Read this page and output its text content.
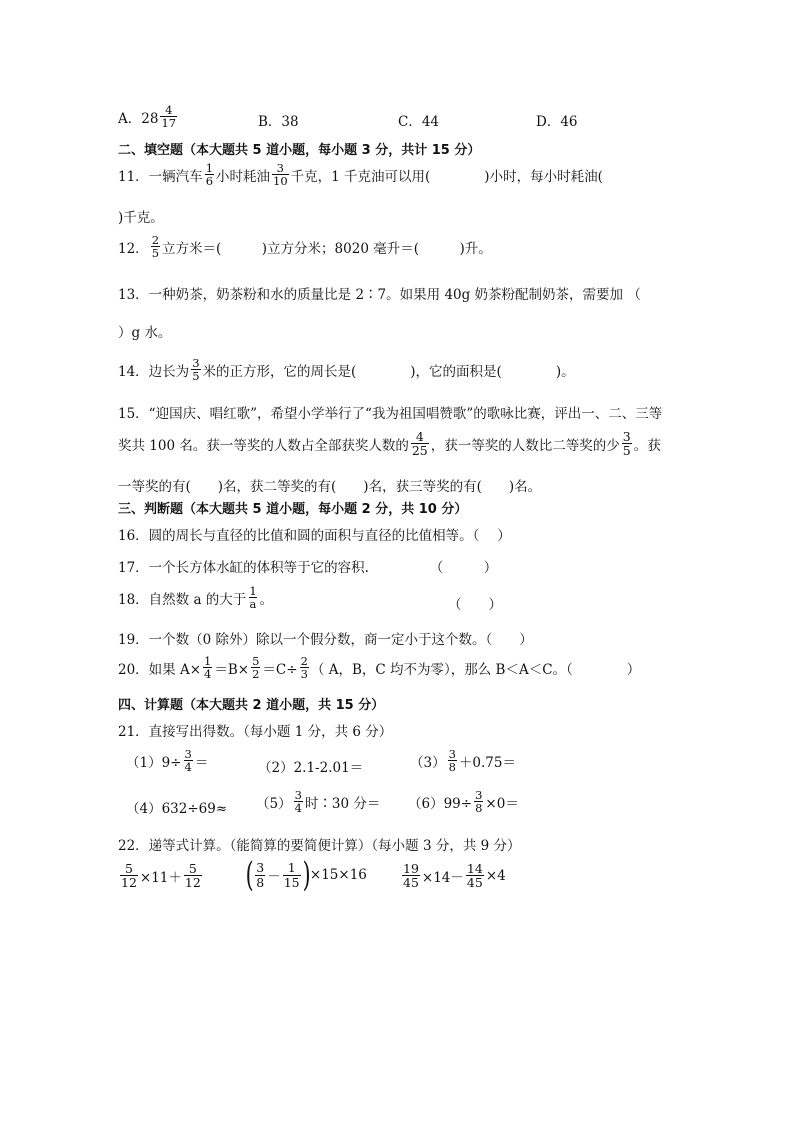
A．$28 \frac{4}{17}$	B．38	C．44	D．46
二、填空题（本大题共 5 道小题，每小题 3 分，共计 15 分）
11．一辆汽车 $\frac{1}{6}$ 小时耗油 $\frac{3}{10}$ 千克，1 千克油可以用(　　　　)小时，每小时耗油(
)千克。
12． $\frac{2}{5}$ 立方米＝(　　　)立方分米；8020 毫升＝(　　　)升。
13．一种奶茶，奶茶粉和水的质量比是 2∶7。如果用 40g 奶茶粉配制奶茶，需要加 （
）g 水。
14．边长为 $\frac{3}{5}$ 米的正方形，它的周长是(　　　　)，它的面积是(　　　　)。
15．“迎国庆、唱红歌”，希望小学举行了“我为祖国唱赞歌”的歌咏比赛，评出一、二、三等
奖共 100 名。获一等奖的人数占全部获奖人数的 $\frac{4}{25}$ ，获一等奖的人数比二等奖的少 $\frac{3}{5}$ 。获
一等奖的有(　　)名，获二等奖的有(　　)名，获三等奖的有(　　)名。
三、判断题（本大题共 5 道小题，每小题 2 分，共 10 分）
16．圆的周长与直径的比值和圆的面积与直径的比值相等。（　 ）
17．一个长方体水缸的体积等于它的容积.　　　　　（　　　）
18．自然数 a 的大于 $\frac{1}{a}$ 。	（　　）
19．一个数（0 除外）除以一个假分数，商一定小于这个数。（　　）
20．如果 $A\times \frac{1}{4} =B\times \frac{5}{2} =C\div \frac{2}{3}$ （ A，B，C 均不为零），那么 B＜A＜C。（　　　　）
四、计算题（本大题共 2 道小题，共 15 分）
21．直接写出得数。（每小题 1 分，共 6 分）
$(1)9\div \frac{3}{4}$ ＝	（2）2.1-2.01＝	$(3) \frac{3}{8} +0.75=$
$(4)632\div 69\approx (5) \frac{3}{4}$ 时∶30 分＝ $(6)99\div \frac{3}{8} \times 0=$
22．递等式计算。（能简算的要简便计算）（每小题 3 分，共 9 分）
$\frac{5}{12} \times 11+ \frac{5}{12}$ ( $\frac{3}{8} - \frac{1}{15}$ ) ×15×16	$\frac{19}{45} \times 14- \frac{14}{45} \times 4$
